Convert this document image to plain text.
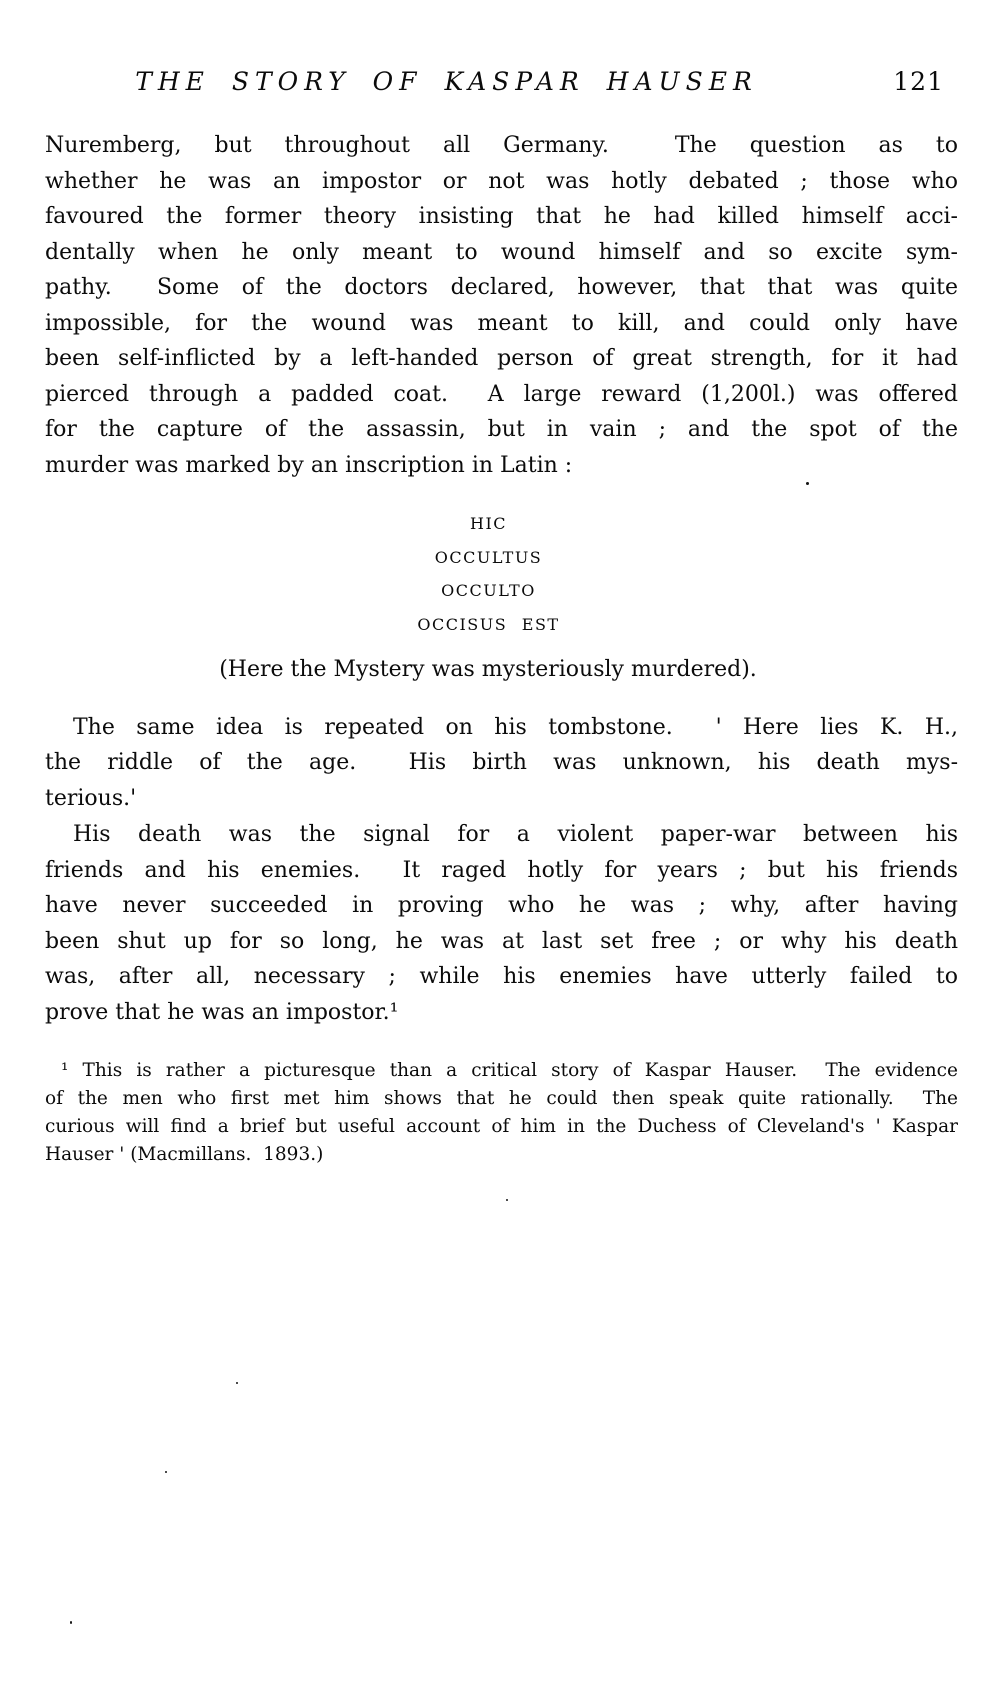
THE STORY OF KASPAR HAUSER	121
Nuremberg, but throughout all Germany.  The question as to
whether he was an impostor or not was hotly debated ; those who
favoured the former theory insisting that he had killed himself acci-
dentally when he only meant to wound himself and so excite sym-
pathy.  Some of the doctors declared, however, that that was quite
impossible, for the wound was meant to kill, and could only have
been self-inflicted by a left-handed person of great strength, for it had
pierced through a padded coat.  A large reward (1,200l.) was offered
for the capture of the assassin, but in vain ; and the spot of the
murder was marked by an inscription in Latin :
HIC
OCCULTUS
OCCULTO
OCCISUS EST
(Here the Mystery was mysteriously murdered).
The same idea is repeated on his tombstone.  ' Here lies K. H.,
the riddle of the age.  His birth was unknown, his death mys-
terious.'
His death was the signal for a violent paper-war between his
friends and his enemies.  It raged hotly for years ; but his friends
have never succeeded in proving who he was ; why, after having
been shut up for so long, he was at last set free ; or why his death
was, after all, necessary ; while his enemies have utterly failed to
prove that he was an impostor.¹
¹ This is rather a picturesque than a critical story of Kaspar Hauser.  The evidence
of the men who first met him shows that he could then speak quite rationally.  The
curious will find a brief but useful account of him in the Duchess of Cleveland's ' Kaspar
Hauser ' (Macmillans.  1893.)
